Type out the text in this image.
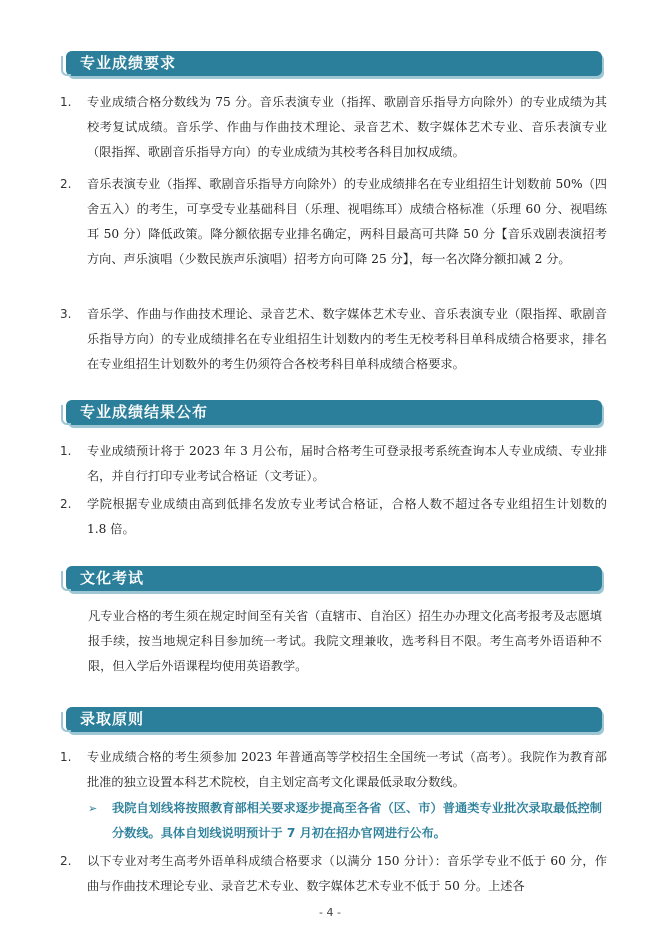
专业成绩要求
1.	专业成绩合格分数线为 75 分。音乐表演专业（指挥、歌剧音乐指导方向除外）的专业成绩为其校考复试成绩。音乐学、作曲与作曲技术理论、录音艺术、数字媒体艺术专业、音乐表演专业（限指挥、歌剧音乐指导方向）的专业成绩为其校考各科目加权成绩。
2.	音乐表演专业（指挥、歌剧音乐指导方向除外）的专业成绩排名在专业组招生计划数前 50%（四舍五入）的考生，可享受专业基础科目（乐理、视唱练耳）成绩合格标准（乐理 60 分、视唱练耳 50 分）降低政策。降分额依据专业排名确定，两科目最高可共降 50 分【音乐戏剧表演招考方向、声乐演唱（少数民族声乐演唱）招考方向可降 25 分】，每一名次降分额扣减 2 分。
3.	音乐学、作曲与作曲技术理论、录音艺术、数字媒体艺术专业、音乐表演专业（限指挥、歌剧音乐指导方向）的专业成绩排名在专业组招生计划数内的考生无校考科目单科成绩合格要求，排名在专业组招生计划数外的考生仍须符合各校考科目单科成绩合格要求。
专业成绩结果公布
1.	专业成绩预计将于 2023 年 3 月公布，届时合格考生可登录报考系统查询本人专业成绩、专业排名，并自行打印专业考试合格证（文考证）。
2.	学院根据专业成绩由高到低排名发放专业考试合格证，合格人数不超过各专业组招生计划数的 1.8 倍。
文化考试
凡专业合格的考生须在规定时间至有关省（直辖市、自治区）招生办办理文化高考报考及志愿填报手续，按当地规定科目参加统一考试。我院文理兼收，选考科目不限。考生高考外语语种不限，但入学后外语课程均使用英语教学。
录取原则
1.	专业成绩合格的考生须参加 2023 年普通高等学校招生全国统一考试（高考）。我院作为教育部批准的独立设置本科艺术院校，自主划定高考文化课最低录取分数线。
➢ 我院自划线将按照教育部相关要求逐步提高至各省（区、市）普通类专业批次录取最低控制分数线。具体自划线说明预计于 7 月初在招办官网进行公布。
2.	以下专业对考生高考外语单科成绩合格要求（以满分 150 分计）：音乐学专业不低于 60 分，作曲与作曲技术理论专业、录音艺术专业、数字媒体艺术专业不低于 50 分。上述各
- 4 -
